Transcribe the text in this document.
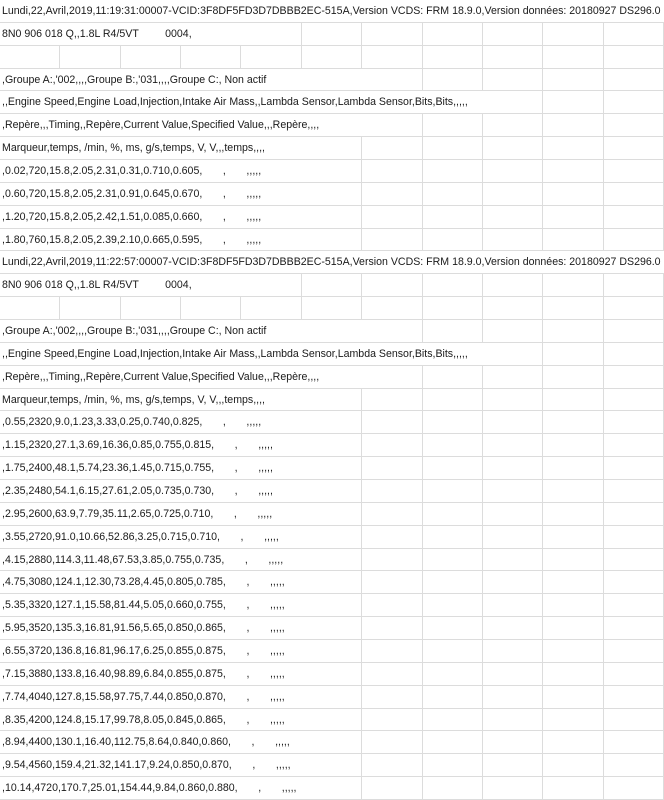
Lundi,22,Avril,2019,11:19:31:00007-VCID:3F8DF5FD3D7DBBB2EC-515A,Version VCDS: FRM 18.9.0,Version données: 20180927 DS296.0
8N0 906 018 Q,,1.8L R4/5VT         0004,
,Groupe A:,'002,,,,Groupe B:,'031,,,,Groupe C:, Non actif
,,Engine Speed,Engine Load,Injection,Intake Air Mass,,Lambda Sensor,Lambda Sensor,Bits,Bits,,,,,
,Repère,,,Timing,,Repère,Current Value,Specified Value,,,Repère,,,,
Marqueur,temps, /min, %, ms, g/s,temps, V, V,,,temps,,,,
,0.02,720,15.8,2.05,2.31,0.31,0.710,0.605,       ,       ,,,,,
,0.60,720,15.8,2.05,2.31,0.91,0.645,0.670,       ,       ,,,,,
,1.20,720,15.8,2.05,2.42,1.51,0.085,0.660,       ,       ,,,,,
,1.80,760,15.8,2.05,2.39,2.10,0.665,0.595,       ,       ,,,,,
Lundi,22,Avril,2019,11:22:57:00007-VCID:3F8DF5FD3D7DBBB2EC-515A,Version VCDS: FRM 18.9.0,Version données: 20180927 DS296.0
8N0 906 018 Q,,1.8L R4/5VT         0004,
,Groupe A:,'002,,,,Groupe B:,'031,,,,Groupe C:, Non actif
,,Engine Speed,Engine Load,Injection,Intake Air Mass,,Lambda Sensor,Lambda Sensor,Bits,Bits,,,,,
,Repère,,,Timing,,Repère,Current Value,Specified Value,,,Repère,,,,
Marqueur,temps, /min, %, ms, g/s,temps, V, V,,,temps,,,,
,0.55,2320,9.0,1.23,3.33,0.25,0.740,0.825,       ,       ,,,,,
,1.15,2320,27.1,3.69,16.36,0.85,0.755,0.815,       ,       ,,,,,
,1.75,2400,48.1,5.74,23.36,1.45,0.715,0.755,       ,       ,,,,,
,2.35,2480,54.1,6.15,27.61,2.05,0.735,0.730,       ,       ,,,,,
,2.95,2600,63.9,7.79,35.11,2.65,0.725,0.710,       ,       ,,,,,
,3.55,2720,91.0,10.66,52.86,3.25,0.715,0.710,       ,       ,,,,,
,4.15,2880,114.3,11.48,67.53,3.85,0.755,0.735,       ,       ,,,,,
,4.75,3080,124.1,12.30,73.28,4.45,0.805,0.785,       ,       ,,,,,
,5.35,3320,127.1,15.58,81.44,5.05,0.660,0.755,       ,       ,,,,,
,5.95,3520,135.3,16.81,91.56,5.65,0.850,0.865,       ,       ,,,,,
,6.55,3720,136.8,16.81,96.17,6.25,0.855,0.875,       ,       ,,,,,
,7.15,3880,133.8,16.40,98.89,6.84,0.855,0.875,       ,       ,,,,,
,7.74,4040,127.8,15.58,97.75,7.44,0.850,0.870,       ,       ,,,,,
,8.35,4200,124.8,15.17,99.78,8.05,0.845,0.865,       ,       ,,,,,
,8.94,4400,130.1,16.40,112.75,8.64,0.840,0.860,       ,       ,,,,,
,9.54,4560,159.4,21.32,141.17,9.24,0.850,0.870,       ,       ,,,,,
,10.14,4720,170.7,25.01,154.44,9.84,0.860,0.880,       ,       ,,,,,
